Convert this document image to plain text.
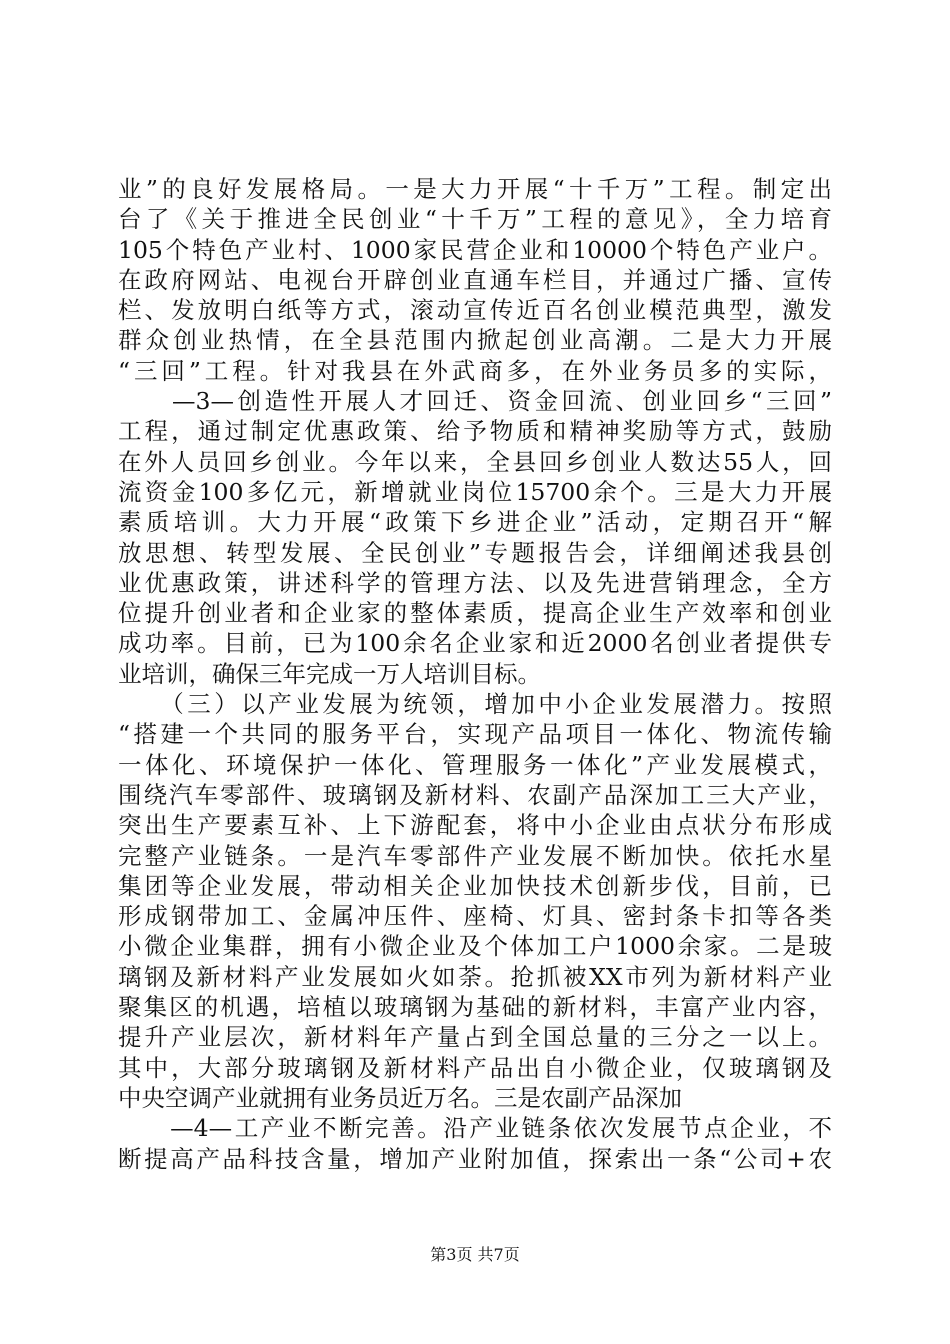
业”的良好发展格局。一是大力开展“十千万”工程。制定出
台了《关于推进全民创业“十千万”工程的意见》，全力培育
105个特色产业村、1000家民营企业和10000个特色产业户。
在政府网站、电视台开辟创业直通车栏目，并通过广播、宣传
栏、发放明白纸等方式，滚动宣传近百名创业模范典型，激发
群众创业热情，在全县范围内掀起创业高潮。二是大力开展
“三回”工程。针对我县在外武商多，在外业务员多的实际，
　　—3—创造性开展人才回迁、资金回流、创业回乡“三回”
工程，通过制定优惠政策、给予物质和精神奖励等方式，鼓励
在外人员回乡创业。今年以来，全县回乡创业人数达55人，回
流资金100多亿元，新增就业岗位15700余个。三是大力开展
素质培训。大力开展“政策下乡进企业”活动，定期召开“解
放思想、转型发展、全民创业”专题报告会，详细阐述我县创
业优惠政策，讲述科学的管理方法、以及先进营销理念，全方
位提升创业者和企业家的整体素质，提高企业生产效率和创业
成功率。目前，已为100余名企业家和近2000名创业者提供专
业培训，确保三年完成一万人培训目标。
　　（三）以产业发展为统领，增加中小企业发展潜力。按照
“搭建一个共同的服务平台，实现产品项目一体化、物流传输
一体化、环境保护一体化、管理服务一体化”产业发展模式，
围绕汽车零部件、玻璃钢及新材料、农副产品深加工三大产业，
突出生产要素互补、上下游配套，将中小企业由点状分布形成
完整产业链条。一是汽车零部件产业发展不断加快。依托水星
集团等企业发展，带动相关企业加快技术创新步伐，目前，已
形成钢带加工、金属冲压件、座椅、灯具、密封条卡扣等各类
小微企业集群，拥有小微企业及个体加工户1000余家。二是玻
璃钢及新材料产业发展如火如荼。抢抓被XX市列为新材料产业
聚集区的机遇，培植以玻璃钢为基础的新材料，丰富产业内容，
提升产业层次，新材料年产量占到全国总量的三分之一以上。
其中，大部分玻璃钢及新材料产品出自小微企业，仅玻璃钢及
中央空调产业就拥有业务员近万名。三是农副产品深加
　　—4—工产业不断完善。沿产业链条依次发展节点企业，不
断提高产品科技含量，增加产业附加值，探索出一条“公司+农
第3页 共7页
